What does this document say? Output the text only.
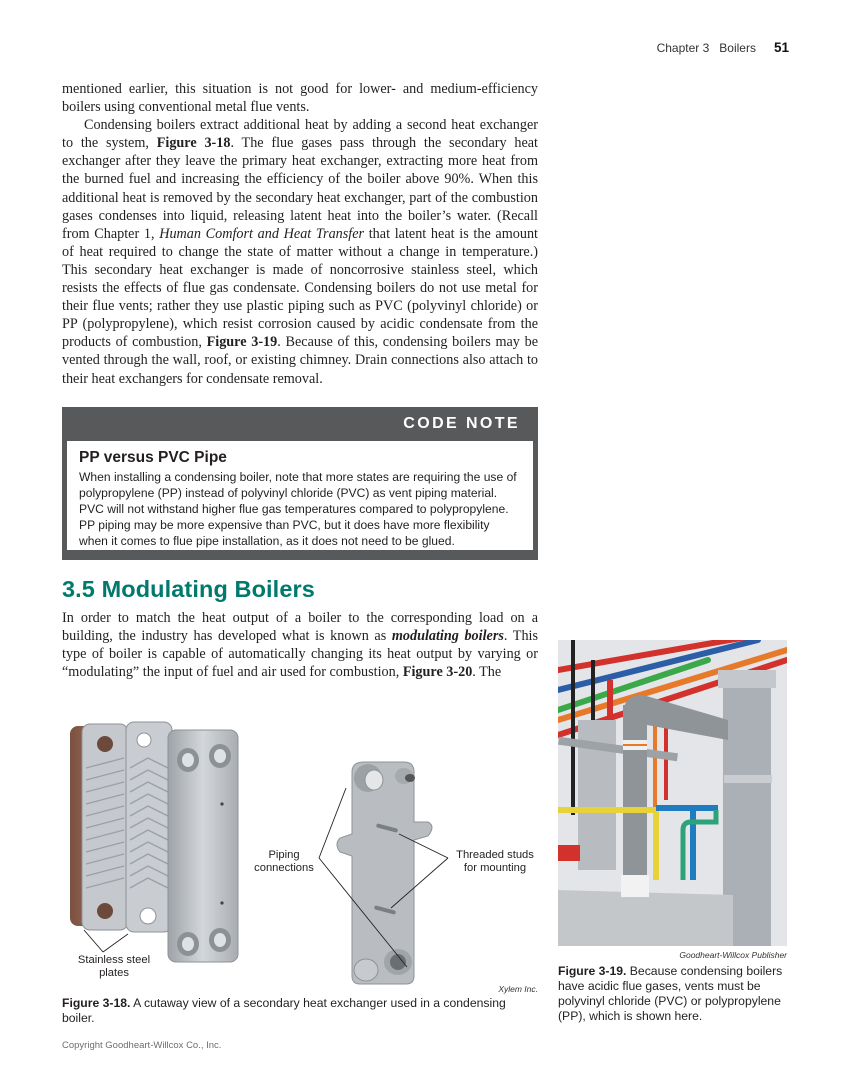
Chapter 3 Boilers 51

mentioned earlier, this situation is not good for lower- and medium-efficiency boilers using conventional metal flue vents.

Condensing boilers extract additional heat by adding a second heat exchanger to the system, Figure 3-18. The flue gases pass through the secondary heat exchanger after they leave the primary heat exchanger, extracting more heat from the burned fuel and increasing the efficiency of the boiler above 90%. When this additional heat is removed by the secondary heat exchanger, part of the combustion gases condenses into liquid, releasing latent heat into the boiler’s water. (Recall from Chapter 1, Human Comfort and Heat Transfer that latent heat is the amount of heat required to change the state of matter without a change in temperature.) This secondary heat exchanger is made of noncorrosive stainless steel, which resists the effects of flue gas condensate. Condensing boilers do not use metal for their flue vents; rather they use plastic piping such as PVC (polyvinyl chloride) or PP (polypropylene), which resist corrosion caused by acidic condensate from the products of combustion, Figure 3-19. Because of this, condensing boilers may be vented through the wall, roof, or existing chimney. Drain connections also attach to their heat exchangers for condensate removal.

CODE NOTE
PP versus PVC Pipe
When installing a condensing boiler, note that more states are requiring the use of polypropylene (PP) instead of polyvinyl chloride (PVC) as vent piping material. PVC will not withstand higher flue gas temperatures compared to polypropylene. PP piping may be more expensive than PVC, but it does have more flexibility when it comes to flue pipe installation, as it does not need to be glued.
3.5 Modulating Boilers

In order to match the heat output of a boiler to the corresponding load on a building, the industry has developed what is known as modulating boilers. This type of boiler is capable of automatically changing its heat output by varying or “modulating” the input of fuel and air used for combustion, Figure 3-20. The

Stainless steel plates
Piping connections
Threaded studs for mounting
Xylem Inc.
Figure 3-18. A cutaway view of a secondary heat exchanger used in a condensing boiler.
Goodheart-Willcox Publisher
Figure 3-19. Because condensing boilers have acidic flue gases, vents must be polyvinyl chloride (PVC) or polypropylene (PP), which is shown here.
Copyright Goodheart-Willcox Co., Inc.
